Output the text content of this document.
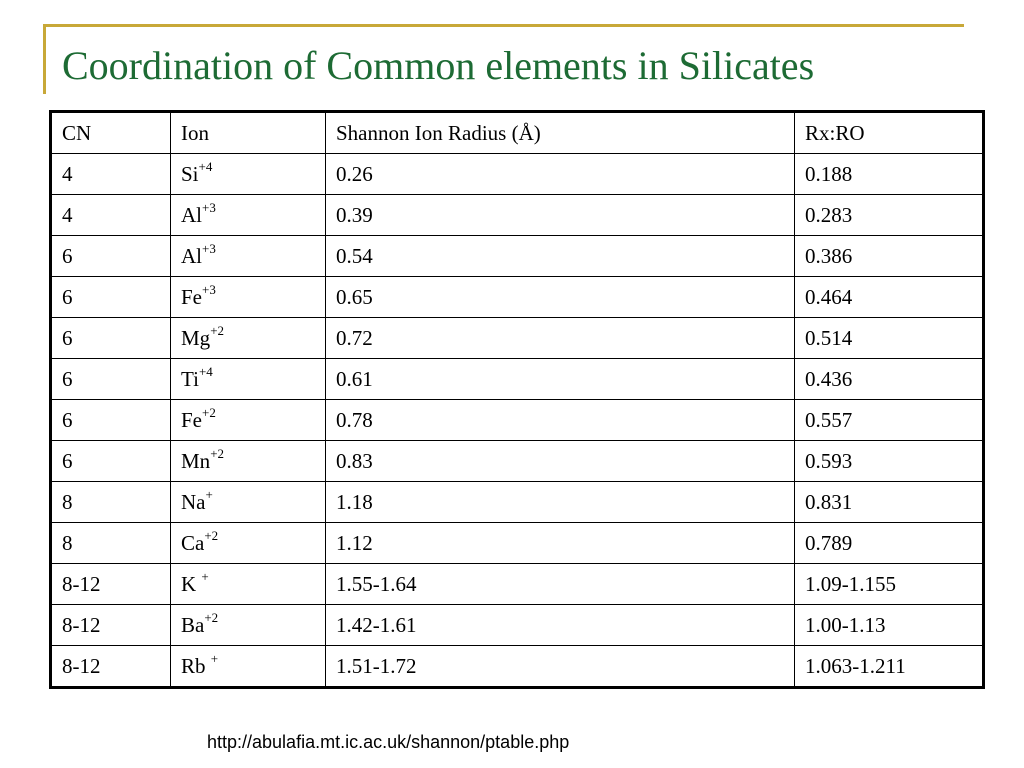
Coordination of Common elements in Silicates
CN	Ion	Shannon Ion Radius (Å)	Rx:RO
4	$Si^{+4}$	0.26	0.188
4	$Al^{+3}$	0.39	0.283
6	$Al^{+3}$	0.54	0.386
6	$Fe^{+3}$	0.65	0.464
6	$Mg^{+2}$	0.72	0.514
6	$Ti^{+4}$	0.61	0.436
6	$Fe^{+2}$	0.78	0.557
6	$Mn^{+2}$	0.83	0.593
8	Na+	1.18	0.831
8	$Ca^{+2}$	1.12	0.789
8-12	K +	1.55-1.64	1.09-1.155
8-12	$Ba^{+2}$	1.42-1.61	1.00-1.13
8-12	Rb +	1.51-1.72	1.063-1.211
http://abulafia.mt.ic.ac.uk/shannon/ptable.php
